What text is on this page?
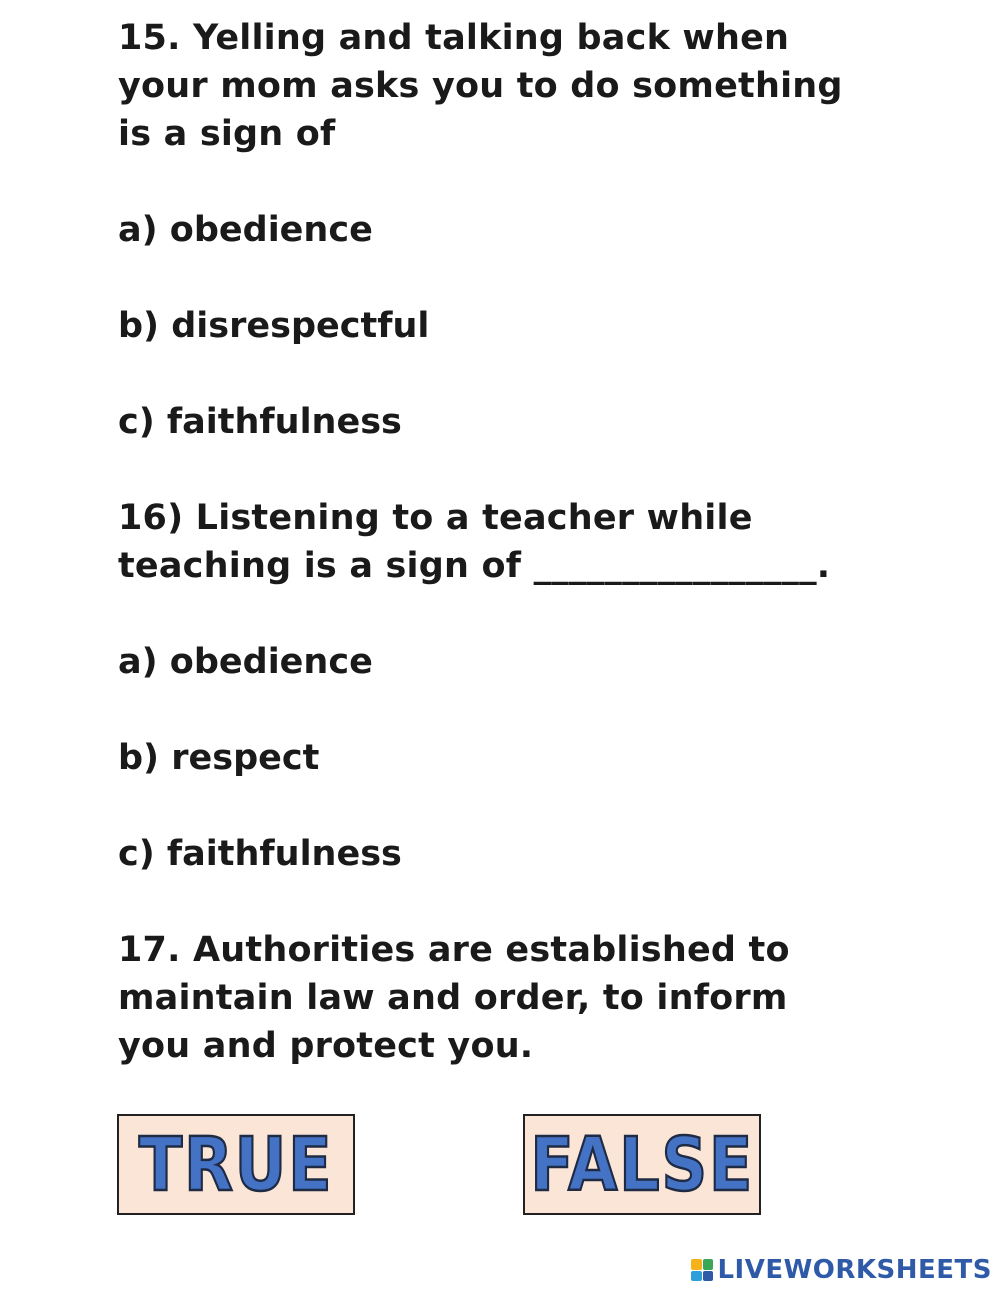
15. Yelling and talking back when your mom asks you to do something is a sign of

a) obedience
b) disrespectful
c) faithfulness

16) Listening to a teacher while teaching is a sign of ________________.

a) obedience
b) respect
c) faithfulness

17. Authorities are established to maintain law and order, to inform you and protect you.

TRUE	FALSE
LIVEWORKSHEETS
